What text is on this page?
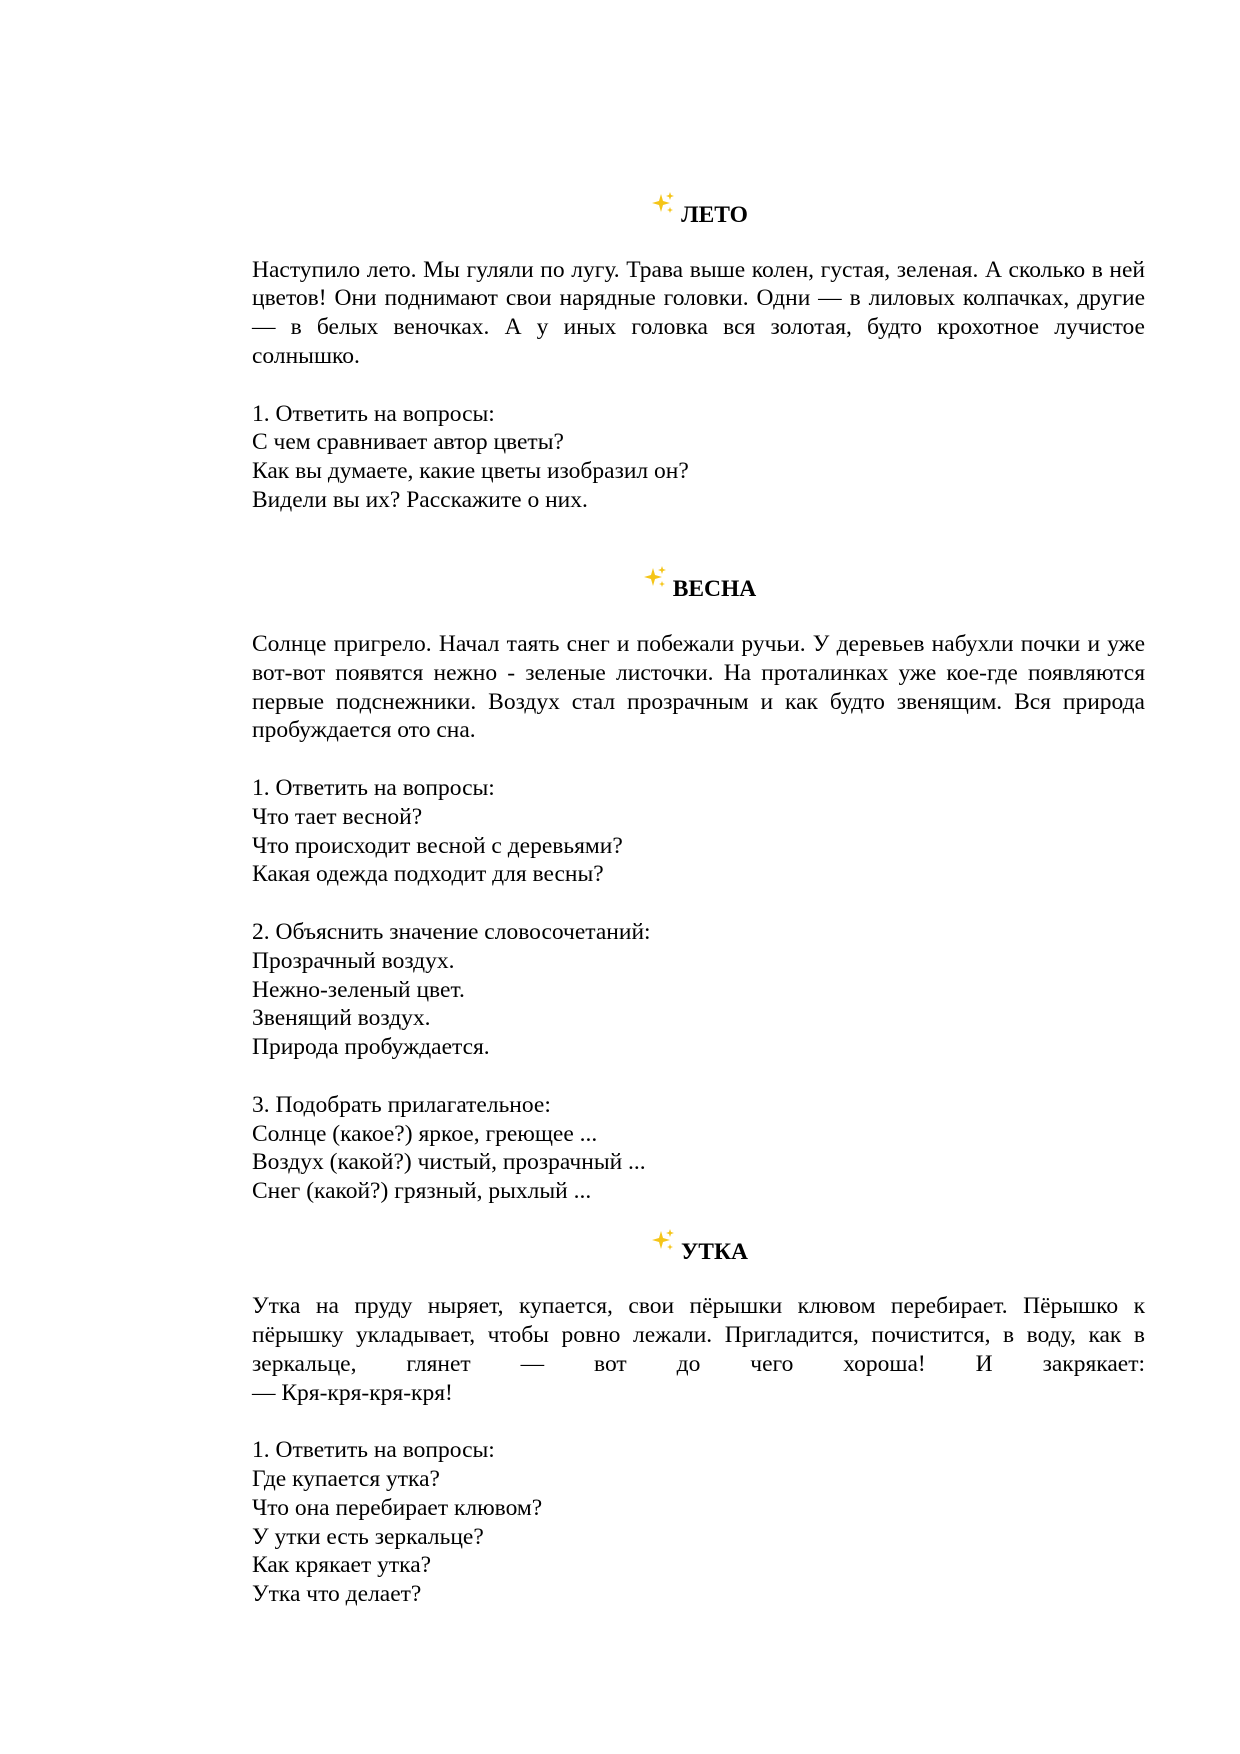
ЛЕТО

Наступило лето. Мы гуляли по лугу. Трава выше колен, густая, зеленая. А сколько в ней цветов! Они поднимают свои нарядные головки. Одни — в лиловых колпачках, другие — в белых веночках. А у иных головка вся золотая, будто крохотное лучистое солнышко.

1. Ответить на вопросы:

С чем сравнивает автор цветы?

Как вы думаете, какие цветы изобразил он?

Видели вы их? Расскажите о них.

ВЕСНА

Солнце пригрело. Начал таять снег и побежали ручьи. У деревьев набухли почки и уже вот-вот появятся нежно - зеленые листочки. На проталинках уже кое-где появляются первые подснежники. Воздух стал прозрачным и как будто звенящим. Вся природа пробуждается ото сна.

1. Ответить на вопросы:

Что тает весной?

Что происходит весной с деревьями?

Какая одежда подходит для весны?

2. Объяснить значение словосочетаний:

Прозрачный воздух.

Нежно-зеленый цвет.

Звенящий воздух.

Природа пробуждается.

3. Подобрать прилагательное:

Солнце (какое?) яркое, греющее ...

Воздух (какой?) чистый, прозрачный ...

Снег (какой?) грязный, рыхлый ...

УТКА

Утка на пруду ныряет, купается, свои пёрышки клювом перебирает. Пёрышко к пёрышку укладывает, чтобы ровно лежали. Пригладится, почистится, в воду, как в зеркальце, глянет — вот до чего хороша! И закрякает:

— Кря-кря-кря-кря!

1. Ответить на вопросы:

Где купается утка?

Что она перебирает клювом?

У утки есть зеркальце?

Как крякает утка?

Утка что делает?
